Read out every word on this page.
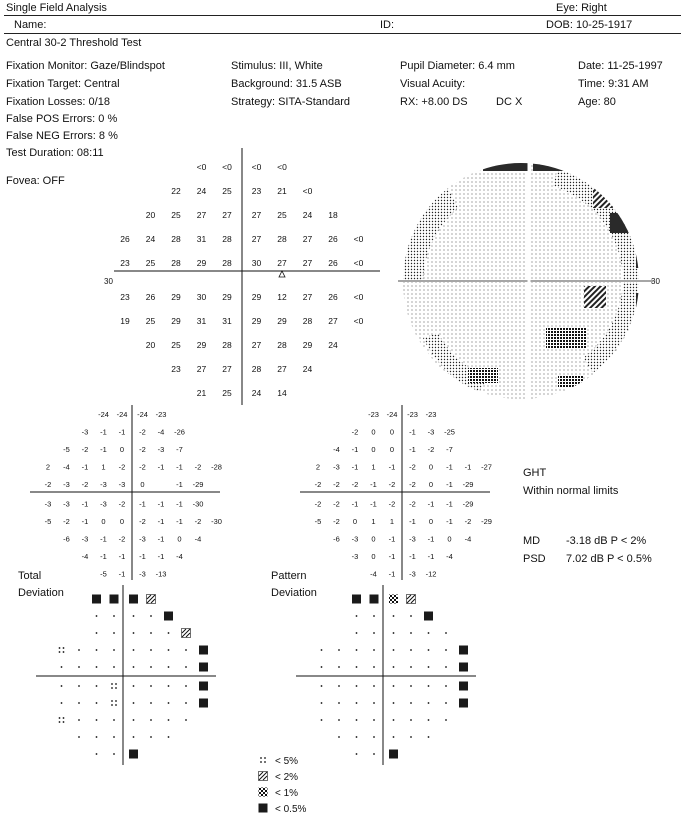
Single Field Analysis	Eye: Right
Name:	ID:	DOB: 10-25-1917
Central 30-2 Threshold Test
Fixation Monitor: Gaze/Blindspot
Fixation Target: Central
Fixation Losses: 0/18
False POS Errors: 0 %
False NEG Errors: 8 %
Test Duration: 08:11
Fovea: OFF
Stimulus: III, White
Background: 31.5 ASB
Strategy: SITA-Standard
Pupil Diameter: 6.4 mm
Visual Acuity:
RX: +8.00 DS	DC X
Date: 11-25-1997
Time: 9:31 AM
Age: 80
<0 <0 <0 <0
22 24 25 23 21 <0
20 25 27 27 27 25 24 18
26 24 28 31 28 27 28 27 26 <0
23 25 28 29 28 30 27 27 26 <0
23 26 29 30 29 29 12 27 26 <0
19 25 29 31 31 29 29 28 27 <0
20 25 29 28 27 28 29 24
23 27 27 28 27 24
21 25 24 14
30	30
-24 -24 -24 -23
-3 -1 -1 -2 -4 -26
-5 -2 -1 0 -2 -3 -7
2 -4 -1 1 -2 -2 -1 -1 -2 -28
-2 -3 -2 -3 -3 0	-1 -29
-3 -3 -1 -3 -2 -1 -1 -1 -30
-5 -2 -1 0 0 -2 -1 -1 -2 -30
-6 -3 -1 -2 -3 -1 0 -4
-4 -1 -1 -1 -1 -4
-5 -1 -3 -13
-23 -24 -23 -23
-2 0 0 -1 -3 -25
-4 -1 0 0 -1 -2 -7
2 -3 -1 1 -1 -2 0 -1 -1 -27
-2 -2 -2 -1 -2 -2 0 -1 -29
-2 -2 -1 -1 -2 -2 -1 -1 -29
-5 -2 0 1 1 -1 0 -1 -2 -29
-6 -3 0 -1 -3 -1 0 -4
-3 0 -1 -1 -1 -4
-4 -1 -3 -12
GHT
Within normal limits
MD -3.18 dB P < 2%
PSD 7.02 dB P < 0.5%
Total
Deviation
Pattern
Deviation
< 5%
< 2%
< 1%
< 0.5%
